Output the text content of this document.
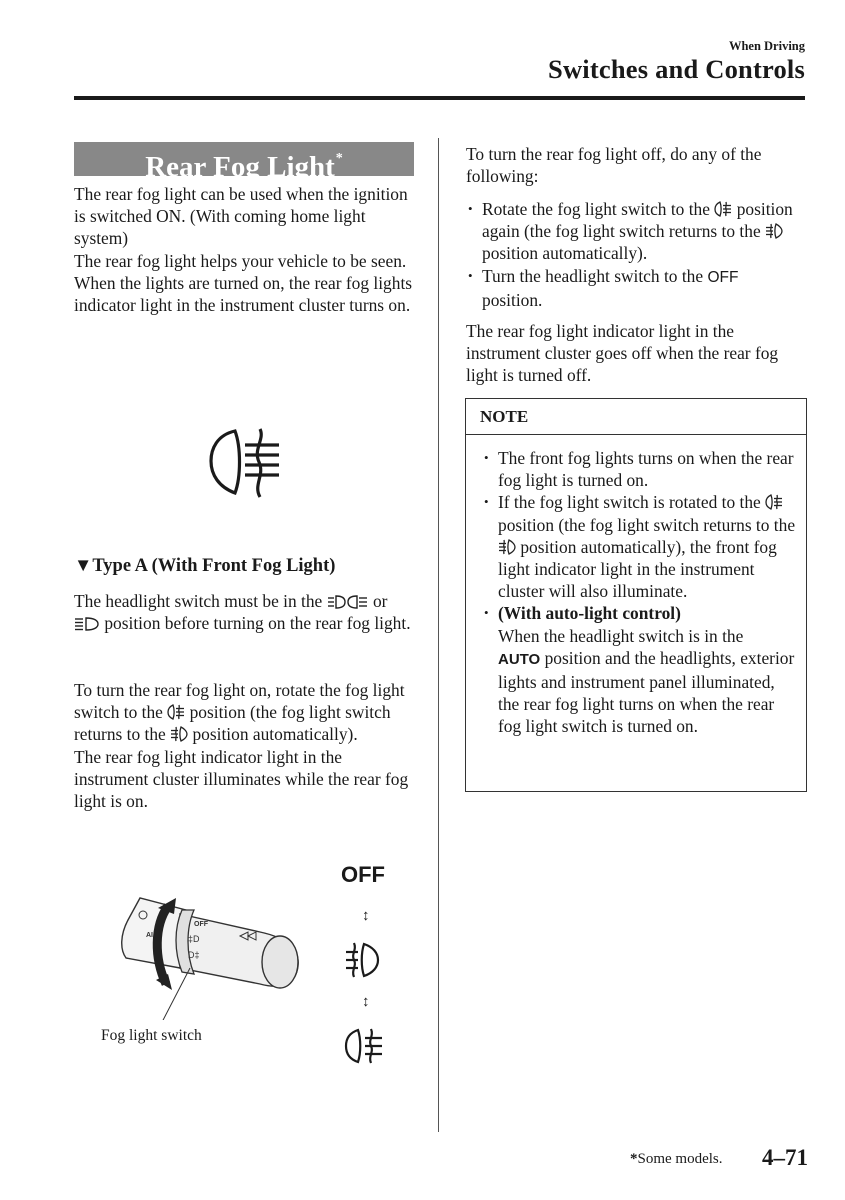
When Driving
Switches and Controls
Rear Fog Light*

The rear fog light can be used when the ignition is switched ON. (With coming home light system)

The rear fog light helps your vehicle to be seen.

When the lights are turned on, the rear fog lights indicator light in the instrument cluster turns on.

▼Type A (With Front Fog Light)

The headlight switch must be in the	or
position before turning on the rear fog light.

To turn the rear fog light on, rotate the fog light switch to the position (the fog light switch returns to the position automatically).

The rear fog light indicator light in the instrument cluster illuminates while the rear fog light is on.

AI
OFF
‡D
D‡
Fog light switch
OFF
↕
↕

To turn the rear fog light off, do any of the following:

• Rotate the fog light switch to the position again (the fog light switch returns to the  position automatically).
• Turn the headlight switch to the OFF
position.

The rear fog light indicator light in the instrument cluster goes off when the rear fog light is turned off.

NOTE
• The front fog lights turns on when the rear fog light is turned on.
• If the fog light switch is rotated to the  position (the fog light switch returns to the  position automatically), the front fog light indicator light in the instrument cluster will also illuminate.
• (With auto-light control)
When the headlight switch is in the
AUTO position and the headlights, exterior lights and instrument panel illuminated, the rear fog light turns on when the rear fog light switch is turned on.
*Some models. 4–71
